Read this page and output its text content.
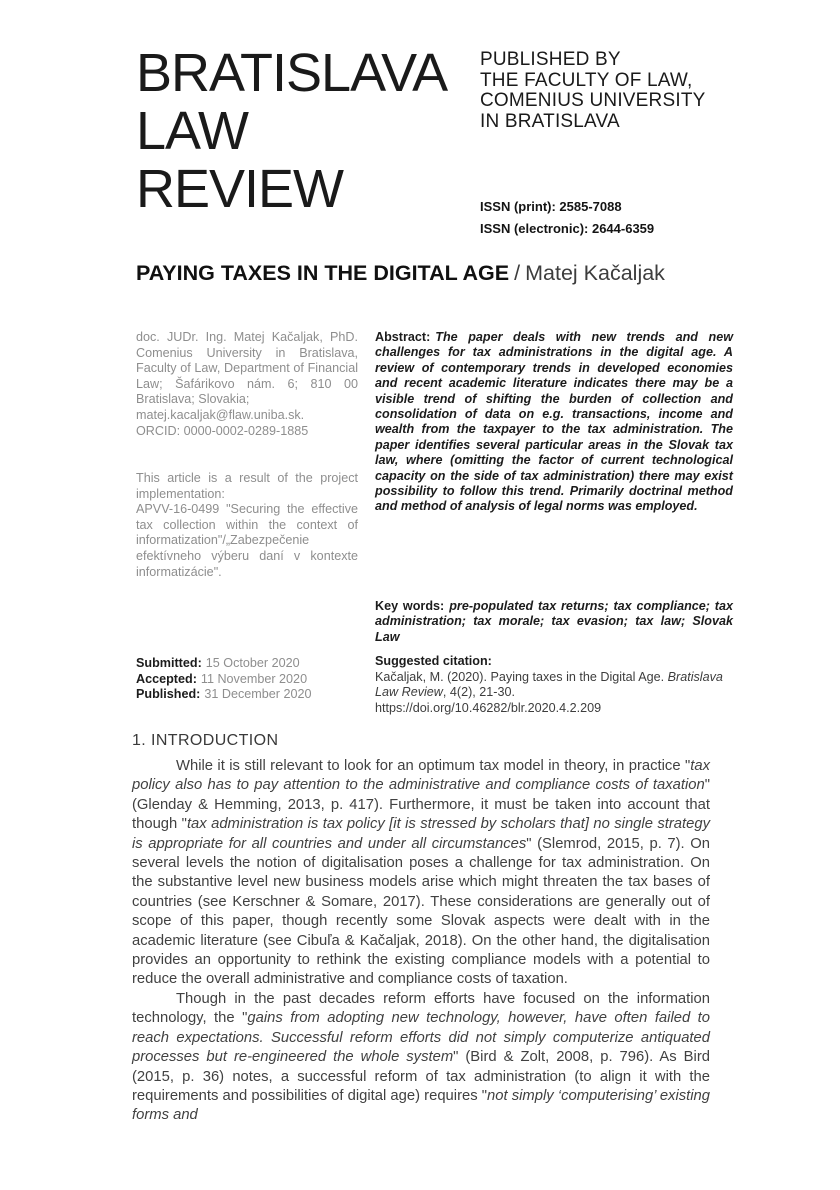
BRATISLAVA
LAW
REVIEW
PUBLISHED BY
THE FACULTY OF LAW,
COMENIUS UNIVERSITY
IN BRATISLAVA
ISSN (print): 2585-7088
ISSN (electronic): 2644-6359
PAYING TAXES IN THE DIGITAL AGE / Matej Kačaljak

doc. JUDr. Ing. Matej Kačaljak, PhD. Comenius University in Bratislava, Faculty of Law, Department of Financial Law; Šafárikovo nám. 6; 810 00 Bratislava; Slovakia;
matej.kacaljak@flaw.uniba.sk.
ORCID: 0000-0002-0289-1885

This article is a result of the project implementation:
APVV-16-0499 "Securing the effective tax collection within the context of informatization"/„Zabezpečenie efektívneho výberu daní v kontexte informatizácie".

Submitted: 15 October 2020
Accepted: 11 November 2020
Published: 31 December 2020

Abstract: The paper deals with new trends and new challenges for tax administrations in the digital age. A review of contemporary trends in developed economies and recent academic literature indicates there may be a visible trend of shifting the burden of collection and consolidation of data on e.g. transactions, income and wealth from the taxpayer to the tax administration. The paper identifies several particular areas in the Slovak tax law, where (omitting the factor of current technological capacity on the side of tax administration) there may exist possibility to follow this trend. Primarily doctrinal method and method of analysis of legal norms was employed.

Key words: pre-populated tax returns; tax compliance; tax administration; tax morale; tax evasion; tax law; Slovak Law

Suggested citation:

Kačaljak, M. (2020). Paying taxes in the Digital Age. Bratislava Law Review, 4(2), 21-30. https://doi.org/10.46282/blr.2020.4.2.209

1. INTRODUCTION

While it is still relevant to look for an optimum tax model in theory, in practice "tax policy also has to pay attention to the administrative and compliance costs of taxation" (Glenday & Hemming, 2013, p. 417). Furthermore, it must be taken into account that though "tax administration is tax policy [it is stressed by scholars that] no single strategy is appropriate for all countries and under all circumstances" (Slemrod, 2015, p. 7). On several levels the notion of digitalisation poses a challenge for tax administration. On the substantive level new business models arise which might threaten the tax bases of countries (see Kerschner & Somare, 2017). These considerations are generally out of scope of this paper, though recently some Slovak aspects were dealt with in the academic literature (see Cibuľa & Kačaljak, 2018). On the other hand, the digitalisation provides an opportunity to rethink the existing compliance models with a potential to reduce the overall administrative and compliance costs of taxation.

Though in the past decades reform efforts have focused on the information technology, the "gains from adopting new technology, however, have often failed to reach expectations. Successful reform efforts did not simply computerize antiquated processes but re-engineered the whole system" (Bird & Zolt, 2008, p. 796). As Bird (2015, p. 36) notes, a successful reform of tax administration (to align it with the requirements and possibilities of digital age) requires "not simply ‘computerising’ existing forms and
